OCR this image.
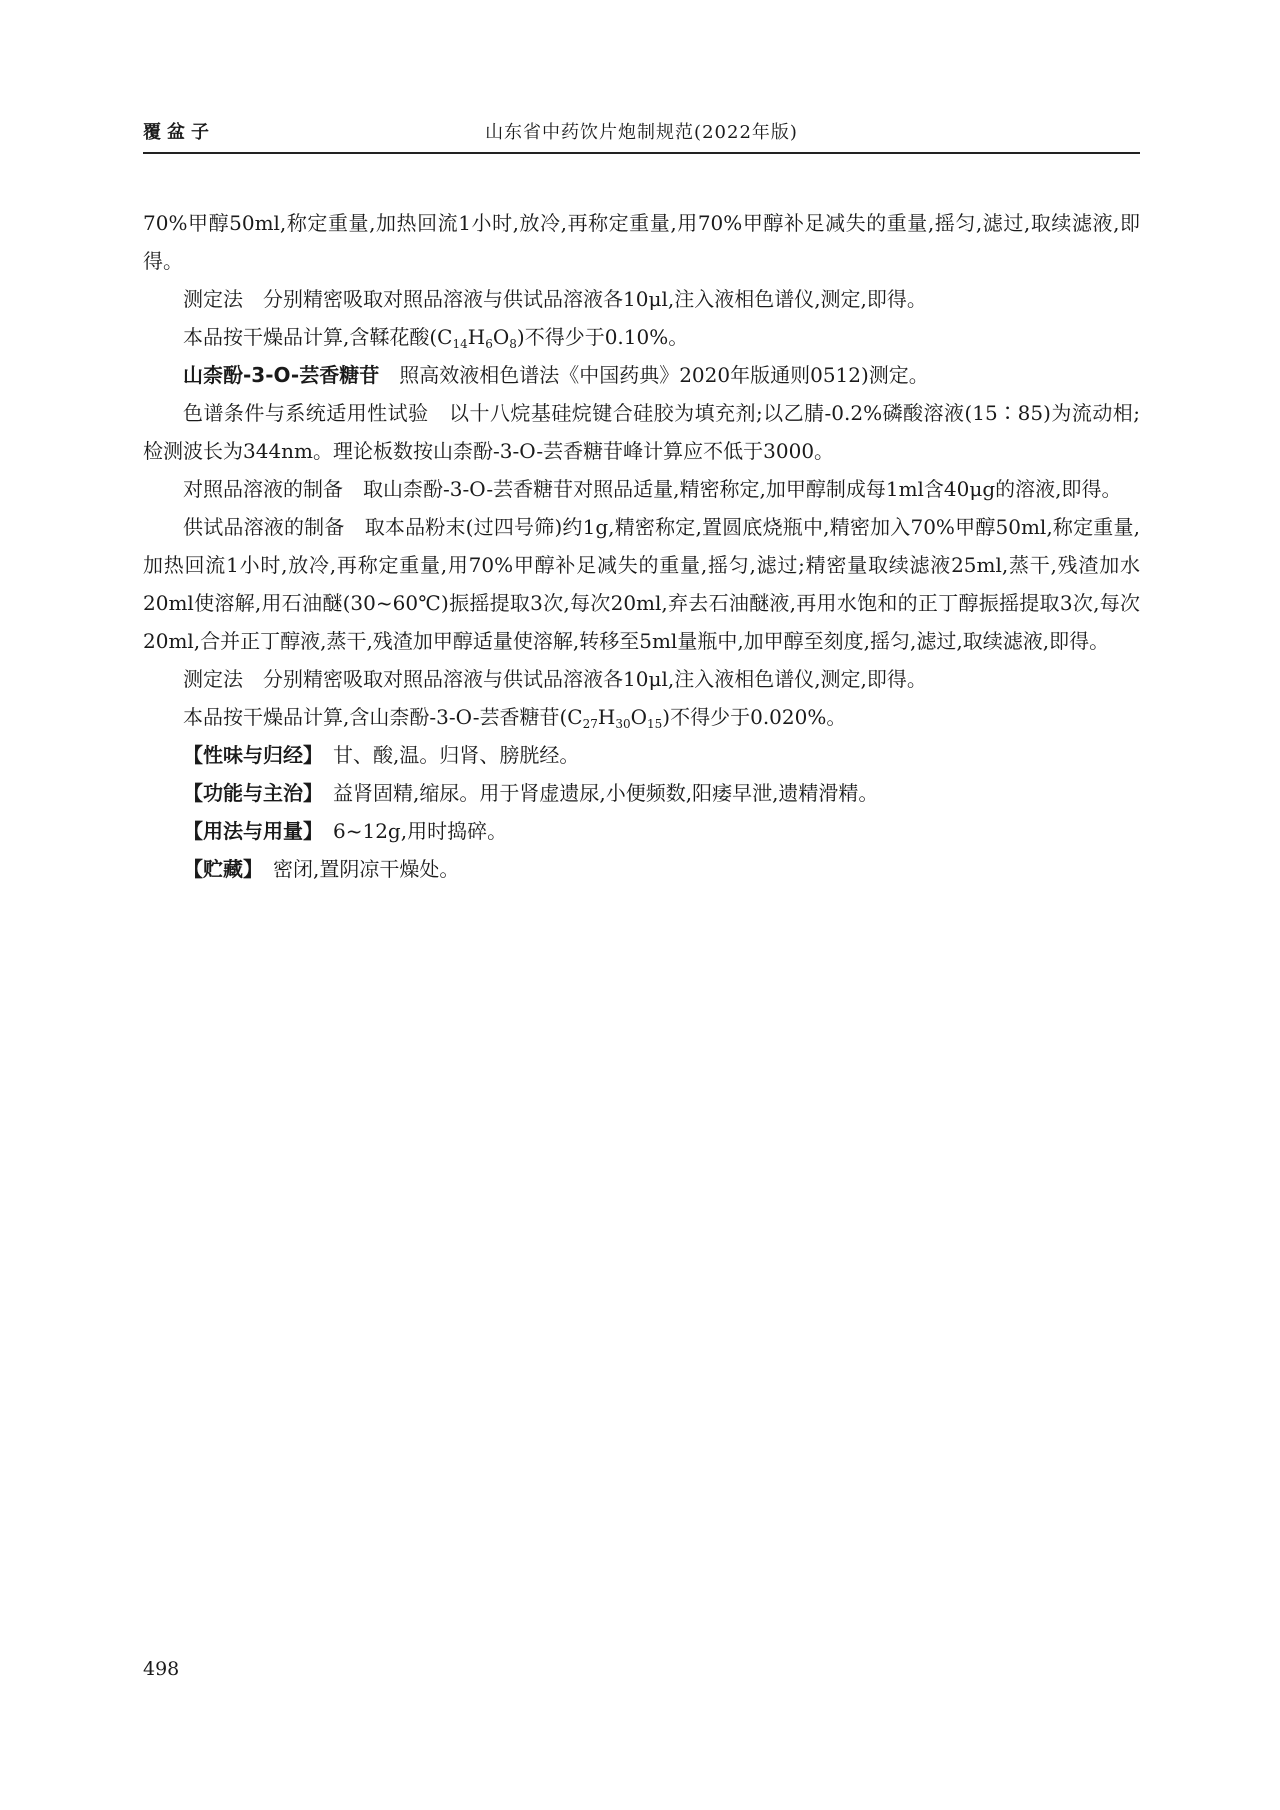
覆盆子	山东省中药饮片炮制规范(2022年版)

70%甲醇50ml,称定重量,加热回流1小时,放冷,再称定重量,用70%甲醇补足减失的重量,摇匀,滤过,取续滤液,即得。

测定法　分别精密吸取对照品溶液与供试品溶液各10μl,注入液相色谱仪,测定,即得。

本品按干燥品计算,含鞣花酸$(C_{14}H_6O_8)$不得少于0.10%。

山柰酚-3-O-芸香糖苷　照高效液相色谱法《中国药典》2020年版通则0512)测定。

色谱条件与系统适用性试验　以十八烷基硅烷键合硅胶为填充剂;以乙腈-0.2%磷酸溶液(15∶85)为流动相;检测波长为344nm。理论板数按山柰酚-3-O-芸香糖苷峰计算应不低于3000。

对照品溶液的制备　取山柰酚-3-O-芸香糖苷对照品适量,精密称定,加甲醇制成每1ml含40μg的溶液,即得。

供试品溶液的制备　取本品粉末(过四号筛)约1g,精密称定,置圆底烧瓶中,精密加入70%甲醇50ml,称定重量,加热回流1小时,放冷,再称定重量,用70%甲醇补足减失的重量,摇匀,滤过;精密量取续滤液25ml,蒸干,残渣加水20ml使溶解,用石油醚(30~60℃)振摇提取3次,每次20ml,弃去石油醚液,再用水饱和的正丁醇振摇提取3次,每次20ml,合并正丁醇液,蒸干,残渣加甲醇适量使溶解,转移至5ml量瓶中,加甲醇至刻度,摇匀,滤过,取续滤液,即得。

测定法　分别精密吸取对照品溶液与供试品溶液各10μl,注入液相色谱仪,测定,即得。

本品按干燥品计算,含山柰酚-3-O-芸香糖苷$(C_{27}H_{30}O_{15})$不得少于0.020%。

【性味与归经】　甘、酸,温。归肾、膀胱经。

【功能与主治】　益肾固精,缩尿。用于肾虚遗尿,小便频数,阳痿早泄,遗精滑精。

【用法与用量】　6~12g,用时捣碎。

【贮藏】　密闭,置阴凉干燥处。

498
